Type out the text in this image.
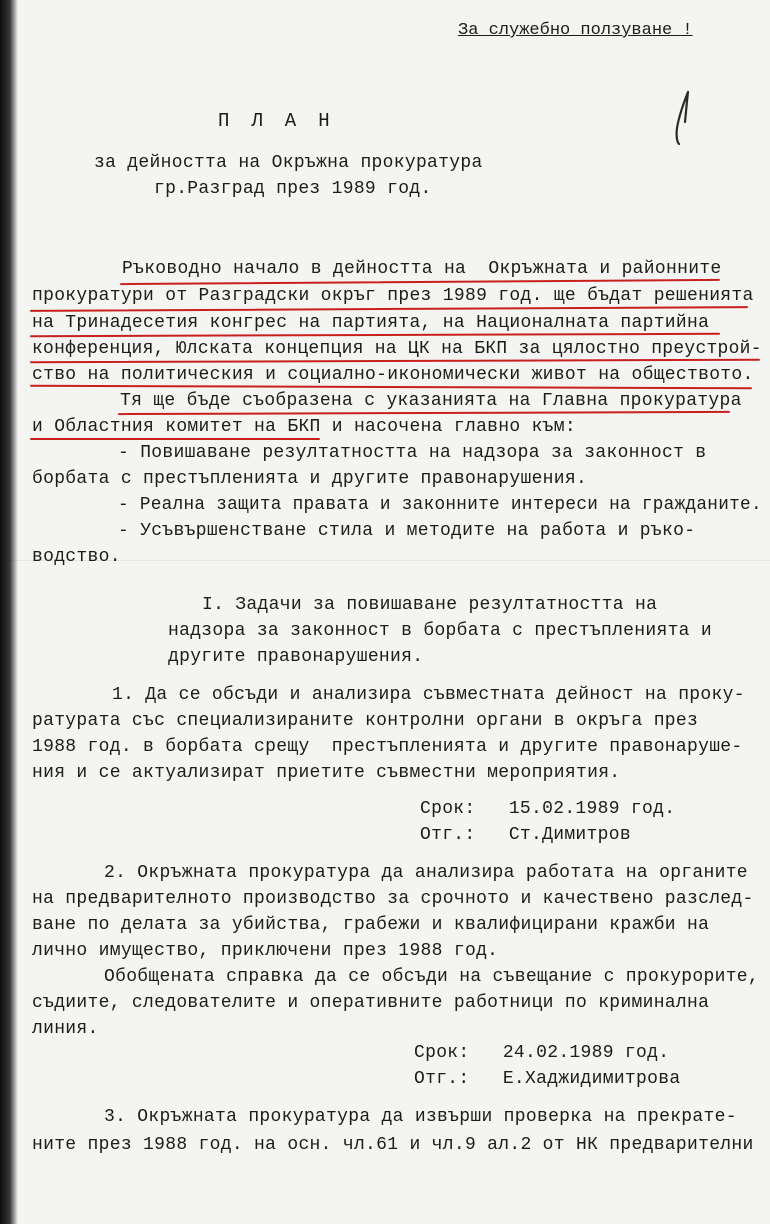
За служебно ползуване !
ПЛАН
за дейността на Окръжна прокуратура
гр.Разград през 1989 год.
Ръководно начало в дейността на  Окръжната и районните
прокуратури от Разградски окръг през 1989 год. ще бъдат решенията
на Тринадесетия конгрес на партията, на Националната партийна
конференция, Юлската концепция на ЦК на БКП за цялостно преустрой-
ство на политическия и социално-икономически живот на обществото.
Тя ще бъде съобразена с указанията на Главна прокуратура
и Областния комитет на БКП и насочена главно към:
- Повишаване резултатността на надзора за законност в
борбата с престъпленията и другите правонарушения.
- Реална защита правата и законните интереси на гражданите.
- Усъвършенстване стила и методите на работа и ръко-
водство.
І. Задачи за повишаване резултатността на
надзора за законност в борбата с престъпленията и
другите правонарушения.
1. Да се обсъди и анализира съвместната дейност на проку-
ратурата със специализираните контролни органи в окръга през
1988 год. в борбата срещу  престъпленията и другите правонаруше-
ния и се актуализират приетите съвместни мероприятия.
Срок:   15.02.1989 год.
Отг.:   Ст.Димитров
2. Окръжната прокуратура да анализира работата на органите
на предварителното производство за срочното и качествено разслед-
ване по делата за убийства, грабежи и квалифицирани кражби на
лично имущество, приключени през 1988 год.
Обобщената справка да се обсъди на съвещание с прокурорите,
съдиите, следователите и оперативните работници по криминална
линия.
Срок:   24.02.1989 год.
Отг.:   Е.Хаджидимитрова
3. Окръжната прокуратура да извърши проверка на прекрате-
ните през 1988 год. на осн. чл.61 и чл.9 ал.2 от НК предварителни
